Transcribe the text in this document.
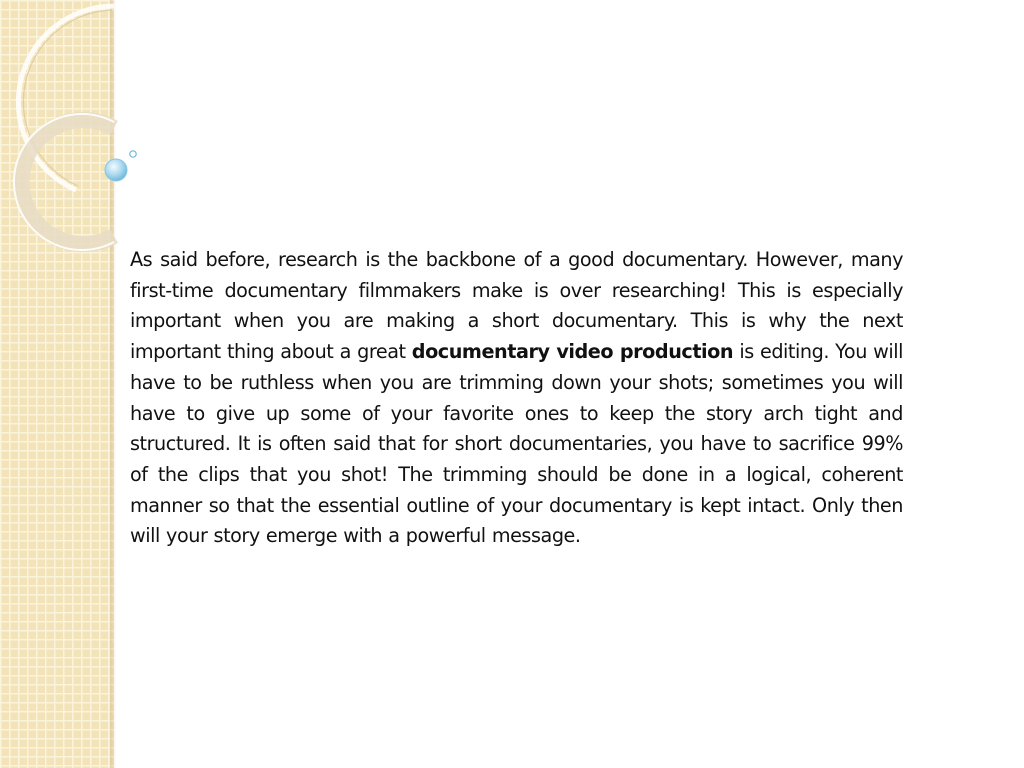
As said before, research is the backbone of a good documentary. However, many first-time documentary filmmakers make is over researching! This is especially important when you are making a short documentary. This is why the next important thing about a great documentary video production is editing. You will have to be ruthless when you are trimming down your shots; sometimes you will have to give up some of your favorite ones to keep the story arch tight and structured. It is often said that for short documentaries, you have to sacrifice 99% of the clips that you shot! The trimming should be done in a logical, coherent manner so that the essential outline of your documentary is kept intact. Only then will your story emerge with a powerful message.
